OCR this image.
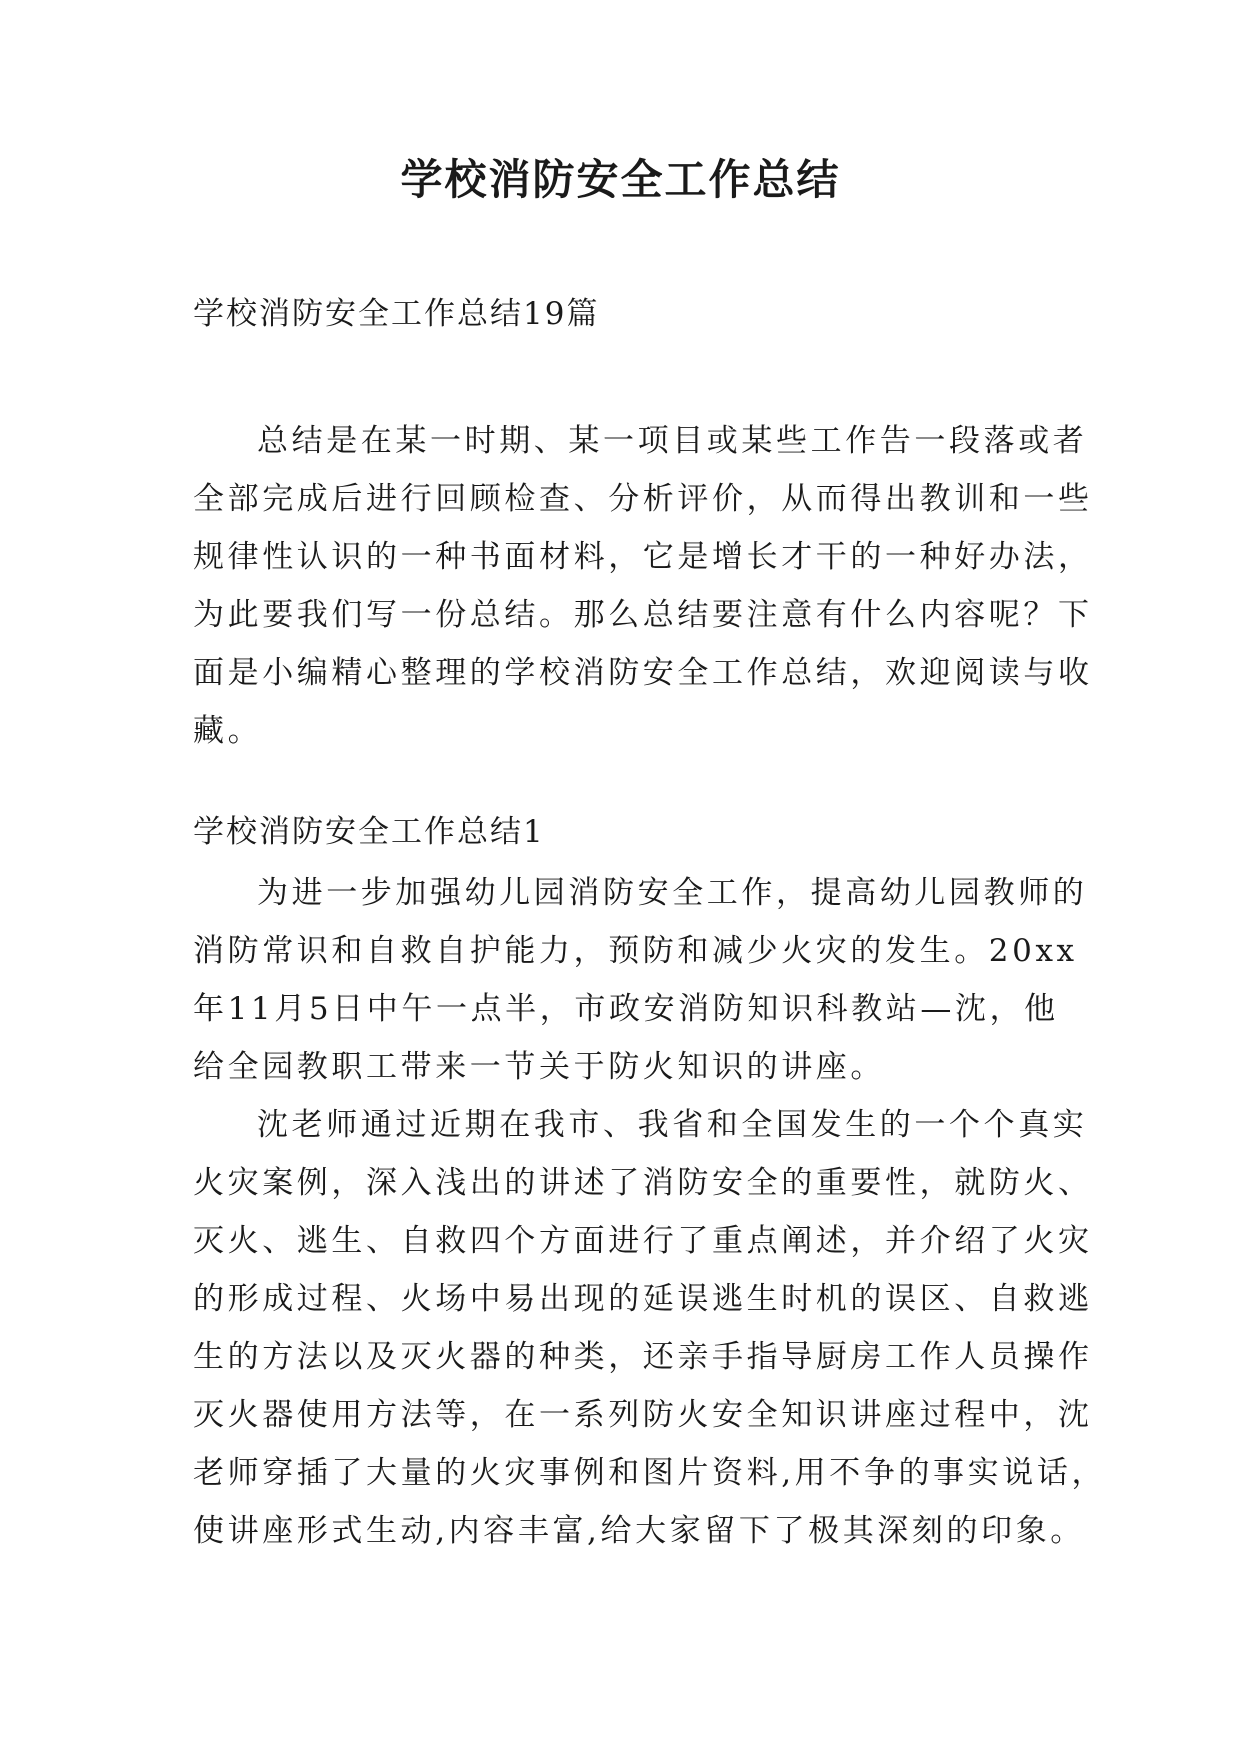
学校消防安全工作总结

学校消防安全工作总结19篇

总结是在某一时期、某一项目或某些工作告一段落或者
全部完成后进行回顾检查、分析评价，从而得出教训和一些
规律性认识的一种书面材料，它是增长才干的一种好办法，
为此要我们写一份总结。那么总结要注意有什么内容呢？下
面是小编精心整理的学校消防安全工作总结，欢迎阅读与收
藏。
学校消防安全工作总结1
为进一步加强幼儿园消防安全工作，提高幼儿园教师的
消防常识和自救自护能力，预防和减少火灾的发生。20xx
年11月5日中午一点半，市政安消防知识科教站—沈，他
给全园教职工带来一节关于防火知识的讲座。
沈老师通过近期在我市、我省和全国发生的一个个真实
火灾案例，深入浅出的讲述了消防安全的重要性，就防火、
灭火、逃生、自救四个方面进行了重点阐述，并介绍了火灾
的形成过程、火场中易出现的延误逃生时机的误区、自救逃
生的方法以及灭火器的种类，还亲手指导厨房工作人员操作
灭火器使用方法等，在一系列防火安全知识讲座过程中，沈
老师穿插了大量的火灾事例和图片资料,用不争的事实说话，
使讲座形式生动,内容丰富,给大家留下了极其深刻的印象。
